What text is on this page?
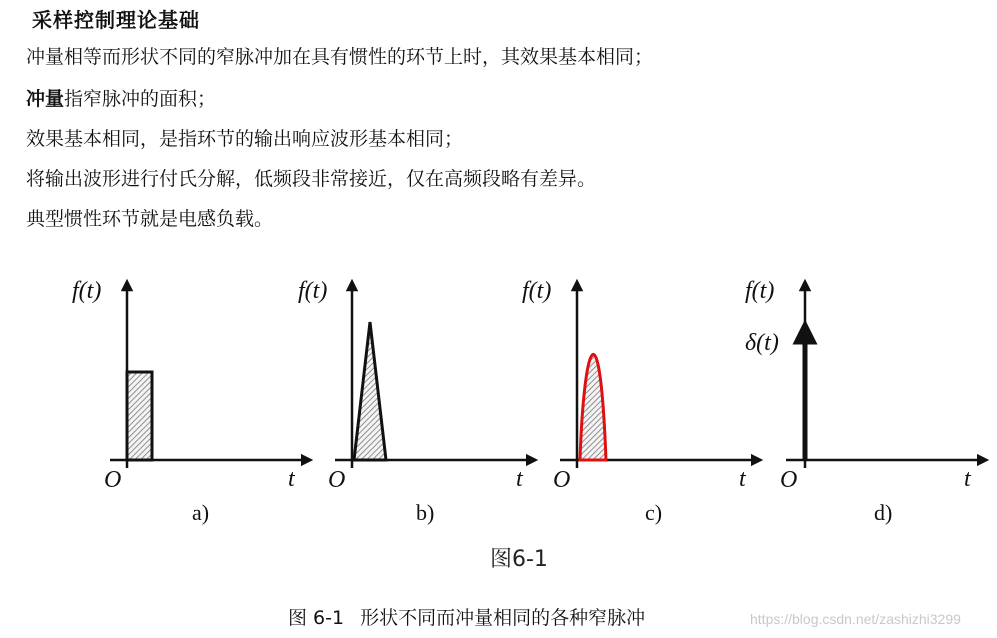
采样控制理论基础
冲量相等而形状不同的窄脉冲加在具有惯性的环节上时，其效果基本相同；
冲量指窄脉冲的面积；
效果基本相同，是指环节的输出响应波形基本相同；
将输出波形进行付氏分解，低频段非常接近，仅在高频段略有差异。
典型惯性环节就是电感负载。
f(t)
t
O
a)
f(t)
t
O
b)
f(t)
t
O
c)
f(t)
δ(t)
t
O
d)
图6-1
图 6-1 形状不同而冲量相同的各种窄脉冲	https://blog.csdn.net/zashizhi3299
